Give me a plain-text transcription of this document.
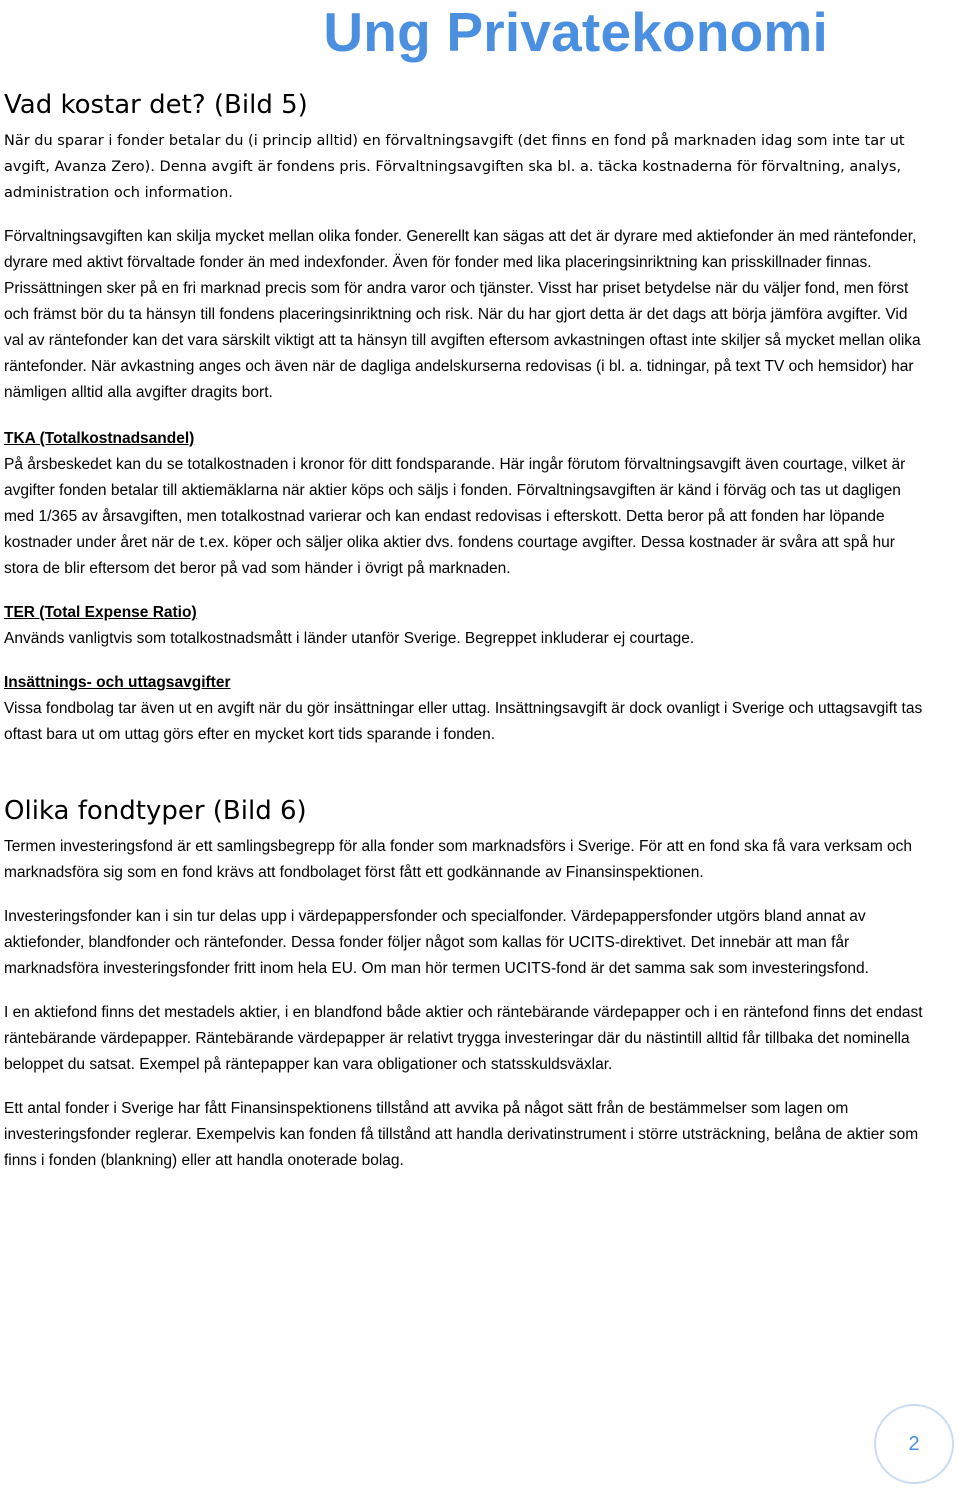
Ung Privatekonomi
Vad kostar det? (Bild 5)

När du sparar i fonder betalar du (i princip alltid) en förvaltningsavgift (det finns en fond på marknaden idag som inte tar ut avgift, Avanza Zero). Denna avgift är fondens pris. Förvaltningsavgiften ska bl. a. täcka kostnaderna för förvaltning, analys, administration och information.

Förvaltningsavgiften kan skilja mycket mellan olika fonder. Generellt kan sägas att det är dyrare med aktiefonder än med räntefonder, dyrare med aktivt förvaltade fonder än med indexfonder. Även för fonder med lika placeringsinriktning kan prisskillnader finnas. Prissättningen sker på en fri marknad precis som för andra varor och tjänster. Visst har priset betydelse när du väljer fond, men först och främst bör du ta hänsyn till fondens placeringsinriktning och risk. När du har gjort detta är det dags att börja jämföra avgifter. Vid val av räntefonder kan det vara särskilt viktigt att ta hänsyn till avgiften eftersom avkastningen oftast inte skiljer så mycket mellan olika räntefonder. När avkastning anges och även när de dagliga andelskurserna redovisas (i bl. a. tidningar, på text TV och hemsidor) har nämligen alltid alla avgifter dragits bort.

TKA (Totalkostnadsandel)

På årsbeskedet kan du se totalkostnaden i kronor för ditt fondsparande. Här ingår förutom förvaltningsavgift även courtage, vilket är avgifter fonden betalar till aktiemäklarna när aktier köps och säljs i fonden. Förvaltningsavgiften är känd i förväg och tas ut dagligen med 1/365 av årsavgiften, men totalkostnad varierar och kan endast redovisas i efterskott. Detta beror på att fonden har löpande kostnader under året när de t.ex. köper och säljer olika aktier dvs. fondens courtage avgifter. Dessa kostnader är svåra att spå hur stora de blir eftersom det beror på vad som händer i övrigt på marknaden.

TER (Total Expense Ratio)

Används vanligtvis som totalkostnadsmått i länder utanför Sverige. Begreppet inkluderar ej courtage.

Insättnings- och uttagsavgifter

Vissa fondbolag tar även ut en avgift när du gör insättningar eller uttag. Insättningsavgift är dock ovanligt i Sverige och uttagsavgift tas oftast bara ut om uttag görs efter en mycket kort tids sparande i fonden.

Olika fondtyper (Bild 6)

Termen investeringsfond är ett samlingsbegrepp för alla fonder som marknadsförs i Sverige. För att en fond ska få vara verksam och marknadsföra sig som en fond krävs att fondbolaget först fått ett godkännande av Finansinspektionen.

Investeringsfonder kan i sin tur delas upp i värdepappersfonder och specialfonder. Värdepappersfonder utgörs bland annat av aktiefonder, blandfonder och räntefonder. Dessa fonder följer något som kallas för UCITS-direktivet. Det innebär att man får marknadsföra investeringsfonder fritt inom hela EU. Om man hör termen UCITS-fond är det samma sak som investeringsfond.

I en aktiefond finns det mestadels aktier, i en blandfond både aktier och räntebärande värdepapper och i en räntefond finns det endast räntebärande värdepapper. Räntebärande värdepapper är relativt trygga investeringar där du nästintill alltid får tillbaka det nominella beloppet du satsat. Exempel på räntepapper kan vara obligationer och statsskuldsväxlar.

Ett antal fonder i Sverige har fått Finansinspektionens tillstånd att avvika på något sätt från de bestämmelser som lagen om investeringsfonder reglerar. Exempelvis kan fonden få tillstånd att handla derivatinstrument i större utsträckning, belåna de aktier som finns i fonden (blankning) eller att handla onoterade bolag.

2
